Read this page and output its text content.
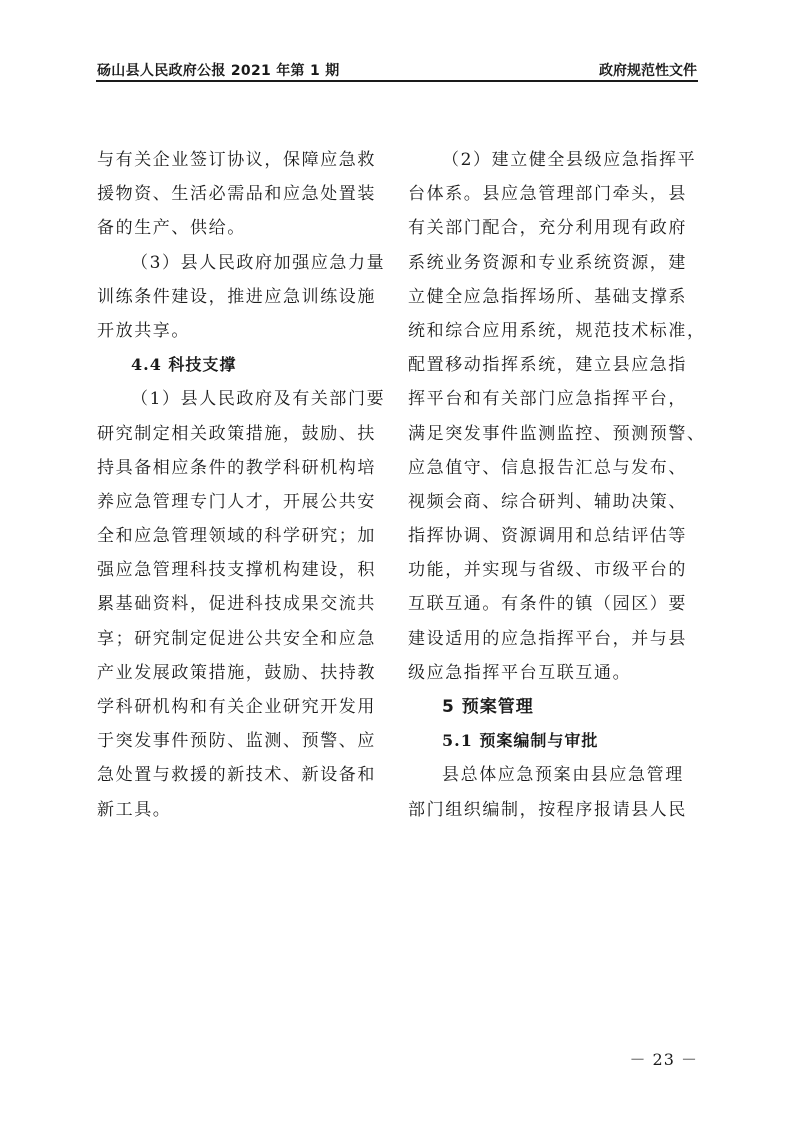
砀山县人民政府公报 2021 年第 1 期	政府规范性文件
与有关企业签订协议，保障应急救
援物资、生活必需品和应急处置装
备的生产、供给。
（3）县人民政府加强应急力量
训练条件建设，推进应急训练设施
开放共享。
4.4 科技支撑
（1）县人民政府及有关部门要
研究制定相关政策措施，鼓励、扶
持具备相应条件的教学科研机构培
养应急管理专门人才，开展公共安
全和应急管理领域的科学研究；加
强应急管理科技支撑机构建设，积
累基础资料，促进科技成果交流共
享；研究制定促进公共安全和应急
产业发展政策措施，鼓励、扶持教
学科研机构和有关企业研究开发用
于突发事件预防、监测、预警、应
急处置与救援的新技术、新设备和
新工具。
（2）建立健全县级应急指挥平
台体系。县应急管理部门牵头，县
有关部门配合，充分利用现有政府
系统业务资源和专业系统资源，建
立健全应急指挥场所、基础支撑系
统和综合应用系统，规范技术标准，
配置移动指挥系统，建立县应急指
挥平台和有关部门应急指挥平台，
满足突发事件监测监控、预测预警、
应急值守、信息报告汇总与发布、
视频会商、综合研判、辅助决策、
指挥协调、资源调用和总结评估等
功能，并实现与省级、市级平台的
互联互通。有条件的镇（园区）要
建设适用的应急指挥平台，并与县
级应急指挥平台互联互通。
5 预案管理
5.1 预案编制与审批
县总体应急预案由县应急管理
部门组织编制，按程序报请县人民
－ 23 －
